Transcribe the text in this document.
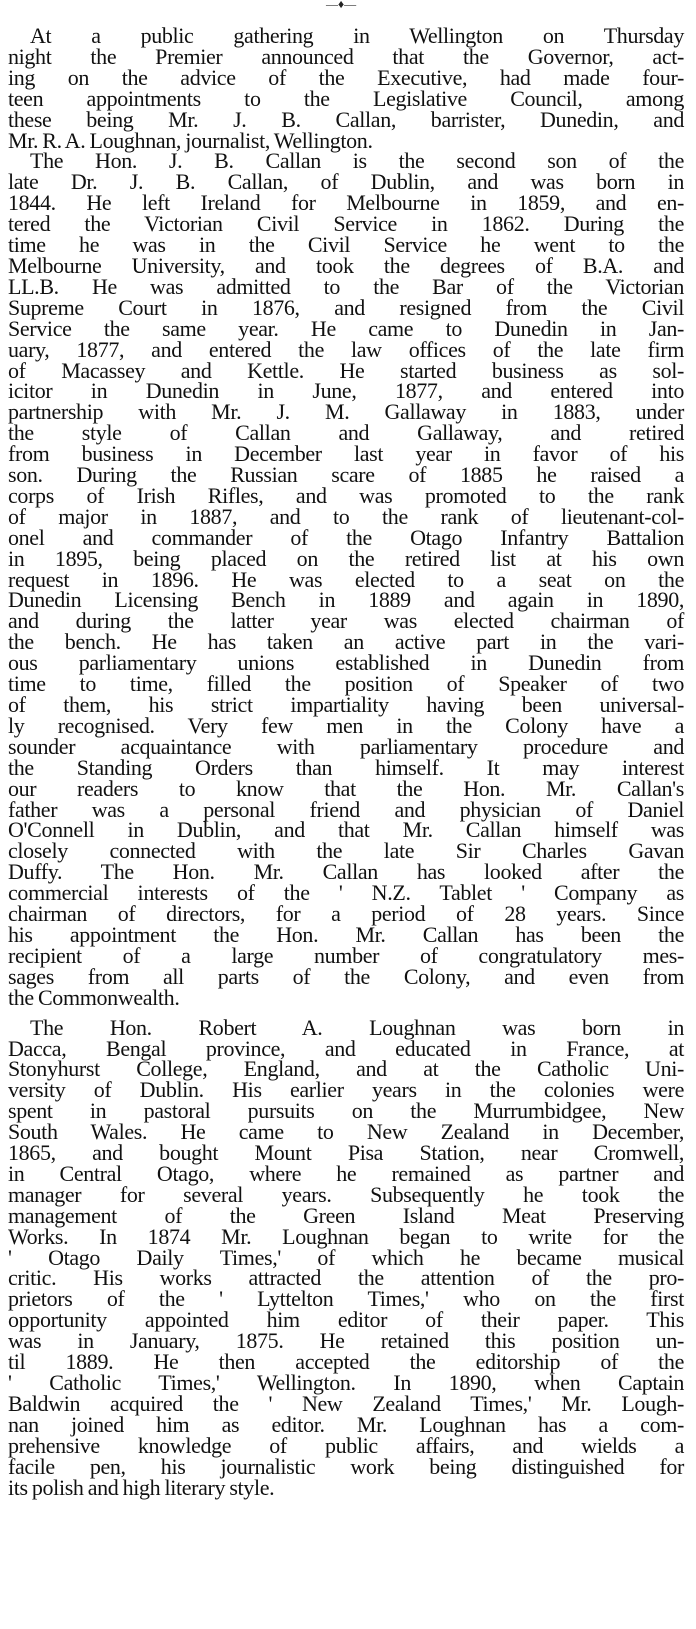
—♦—
At a public gathering in Wellington on Thursday
night the Premier announced that the Governor, act-
ing on the advice of the Executive, had made four-
teen appointments to the Legislative Council, among
these being Mr. J. B. Callan, barrister, Dunedin, and
Mr. R. A. Loughnan, journalist, Wellington.
The Hon. J. B. Callan is the second son of the
late Dr. J. B. Callan, of Dublin, and was born in
1844. He left Ireland for Melbourne in 1859, and en-
tered the Victorian Civil Service in 1862. During the
time he was in the Civil Service he went to the
Melbourne University, and took the degrees of B.A. and
LL.B. He was admitted to the Bar of the Victorian
Supreme Court in 1876, and resigned from the Civil
Service the same year. He came to Dunedin in Jan-
uary, 1877, and entered the law offices of the late firm
of Macassey and Kettle. He started business as sol-
icitor in Dunedin in June, 1877, and entered into
partnership with Mr. J. M. Gallaway in 1883, under
the style of Callan and Gallaway, and retired
from business in December last year in favor of his
son. During the Russian scare of 1885 he raised a
corps of Irish Rifles, and was promoted to the rank
of major in 1887, and to the rank of lieutenant-col-
onel and commander of the Otago Infantry Battalion
in 1895, being placed on the retired list at his own
request in 1896. He was elected to a seat on the
Dunedin Licensing Bench in 1889 and again in 1890,
and during the latter year was elected chairman of
the bench. He has taken an active part in the vari-
ous parliamentary unions established in Dunedin from
time to time, filled the position of Speaker of two
of them, his strict impartiality having been universal-
ly recognised. Very few men in the Colony have a
sounder acquaintance with parliamentary procedure and
the Standing Orders than himself. It may interest
our readers to know that the Hon. Mr. Callan's
father was a personal friend and physician of Daniel
O'Connell in Dublin, and that Mr. Callan himself was
closely connected with the late Sir Charles Gavan
Duffy. The Hon. Mr. Callan has looked after the
commercial interests of the ' N.Z. Tablet ' Company as
chairman of directors, for a period of 28 years. Since
his appointment the Hon. Mr. Callan has been the
recipient of a large number of congratulatory mes-
sages from all parts of the Colony, and even from
the Commonwealth.
The Hon. Robert A. Loughnan was born in
Dacca, Bengal province, and educated in France, at
Stonyhurst College, England, and at the Catholic Uni-
versity of Dublin. His earlier years in the colonies were
spent in pastoral pursuits on the Murrumbidgee, New
South Wales. He came to New Zealand in December,
1865, and bought Mount Pisa Station, near Cromwell,
in Central Otago, where he remained as partner and
manager for several years. Subsequently he took the
management of the Green Island Meat Preserving
Works. In 1874 Mr. Loughnan began to write for the
' Otago Daily Times,' of which he became musical
critic. His works attracted the attention of the pro-
prietors of the ' Lyttelton Times,' who on the first
opportunity appointed him editor of their paper. This
was in January, 1875. He retained this position un-
til 1889. He then accepted the editorship of the
' Catholic Times,' Wellington. In 1890, when Captain
Baldwin acquired the ' New Zealand Times,' Mr. Lough-
nan joined him as editor. Mr. Loughnan has a com-
prehensive knowledge of public affairs, and wields a
facile pen, his journalistic work being distinguished for
its polish and high literary style.
